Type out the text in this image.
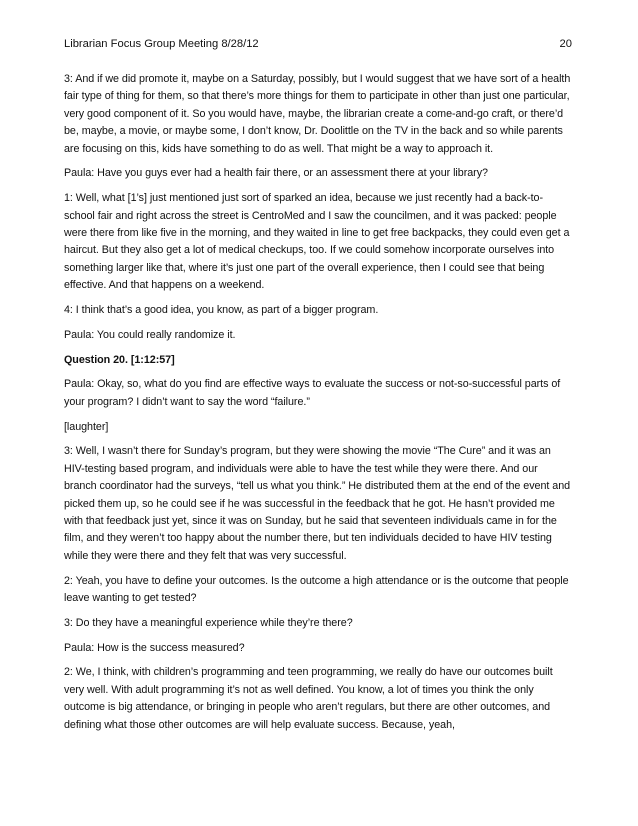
Librarian Focus Group Meeting 8/28/12	20

3: And if we did promote it, maybe on a Saturday, possibly, but I would suggest that we have sort of a health fair type of thing for them, so that there’s more things for them to participate in other than just one particular, very good component of it. So you would have, maybe, the librarian create a come-and-go craft, or there’d be, maybe, a movie, or maybe some, I don’t know, Dr. Doolittle on the TV in the back and so while parents are focusing on this, kids have something to do as well. That might be a way to approach it.

Paula: Have you guys ever had a health fair there, or an assessment there at your library?

1: Well, what [1’s] just mentioned just sort of sparked an idea, because we just recently had a back-to-school fair and right across the street is CentroMed and I saw the councilmen, and it was packed: people were there from like five in the morning, and they waited in line to get free backpacks, they could even get a haircut. But they also get a lot of medical checkups, too. If we could somehow incorporate ourselves into something larger like that, where it’s just one part of the overall experience, then I could see that being effective. And that happens on a weekend.

4: I think that’s a good idea, you know, as part of a bigger program.

Paula: You could really randomize it.

Question 20. [1:12:57]

Paula: Okay, so, what do you find are effective ways to evaluate the success or not-so-successful parts of your program? I didn’t want to say the word “failure.”

[laughter]

3: Well, I wasn’t there for Sunday’s program, but they were showing the movie “The Cure” and it was an HIV-testing based program, and individuals were able to have the test while they were there. And our branch coordinator had the surveys, “tell us what you think.” He distributed them at the end of the event and picked them up, so he could see if he was successful in the feedback that he got. He hasn’t provided me with that feedback just yet, since it was on Sunday, but he said that seventeen individuals came in for the film, and they weren’t too happy about the number there, but ten individuals decided to have HIV testing while they were there and they felt that was very successful.

2: Yeah, you have to define your outcomes. Is the outcome a high attendance or is the outcome that people leave wanting to get tested?

3: Do they have a meaningful experience while they’re there?

Paula: How is the success measured?

2: We, I think, with children’s programming and teen programming, we really do have our outcomes built very well. With adult programming it’s not as well defined. You know, a lot of times you think the only outcome is big attendance, or bringing in people who aren’t regulars, but there are other outcomes, and defining what those other outcomes are will help evaluate success. Because, yeah,
